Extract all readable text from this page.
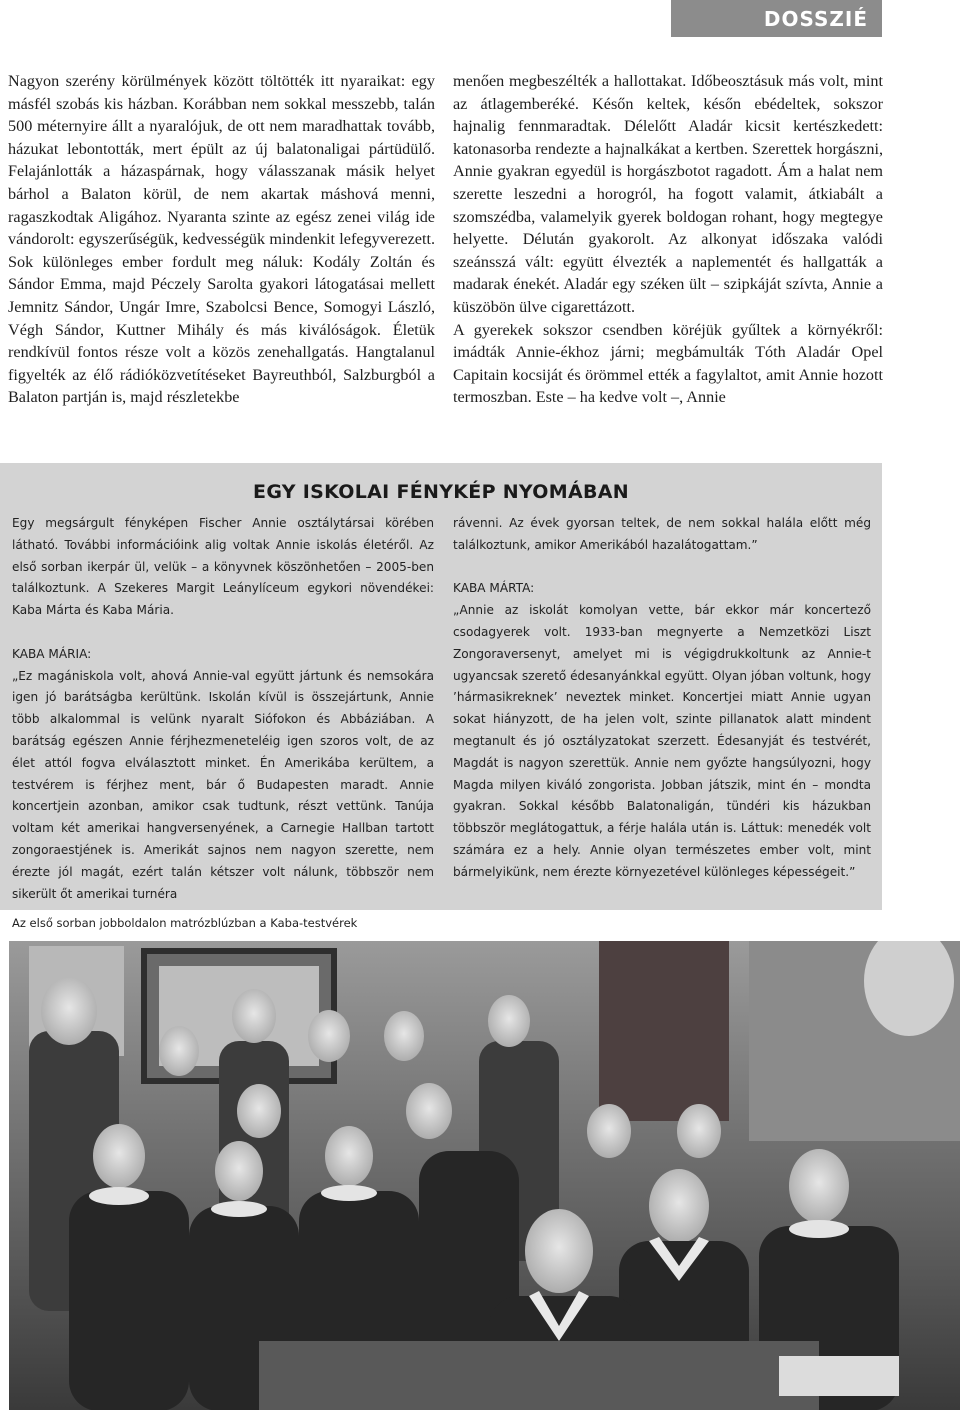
DOSSZIÉ

Nagyon szerény körülmények között töltötték itt nyaraikat: egy másfél szobás kis házban. Korábban nem sokkal messzebb, talán 500 méternyire állt a nyaralójuk, de ott nem maradhattak tovább, házukat lebontották, mert épült az új balatonaligai pártüdülő. Felajánlották a házaspárnak, hogy válasszanak másik helyet bárhol a Balaton körül, de nem akartak máshová menni, ragaszkodtak Aligához. Nyaranta szinte az egész zenei világ ide vándorolt: egyszerűségük, kedvességük mindenkit lefegyverezett. Sok különleges ember fordult meg náluk: Kodály Zoltán és Sándor Emma, majd Péczely Sarolta gyakori látogatásai mellett Jemnitz Sándor, Ungár Imre, Szabolcsi Bence, Somogyi László, Végh Sándor, Kuttner Mihály és más kiválóságok. Életük rendkívül fontos része volt a közös zenehallgatás. Hangtalanul figyelték az élő rádióközvetítéseket Bayreuthból, Salzburgból a Balaton partján is, majd részletekbe

menően megbeszélték a hallottakat. Időbeosztásuk más volt, mint az átlagemberéké. Későn keltek, későn ebédeltek, sokszor hajnalig fennmaradtak. Délelőtt Aladár kicsit kertészkedett: katonasorba rendezte a hajnalkákat a kertben. Szerettek horgászni, Annie gyakran egyedül is horgászbotot ragadott. Ám a halat nem szerette leszedni a horogról, ha fogott valamit, átkiabált a szomszédba, valamelyik gyerek boldogan rohant, hogy megtegye helyette. Délután gyakorolt. Az alkonyat időszaka valódi szeánsszá vált: együtt élvezték a naplementét és hallgatták a madarak énekét. Aladár egy széken ült – szipkáját szívta, Annie a küszöbön ülve cigarettázott.

A gyerekek sokszor csendben köréjük gyűltek a környékről: imádták Annie-ékhoz járni; megbámulták Tóth Aladár Opel Capitain kocsiját és örömmel ették a fagylaltot, amit Annie hozott termoszban. Este – ha kedve volt –, Annie

EGY ISKOLAI FÉNYKÉP NYOMÁBAN

Egy megsárgult fényképen Fischer Annie osztálytársai körében látható. További információink alig voltak Annie iskolás életéről. Az első sorban ikerpár ül, velük – a könyvnek köszönhetően – 2005-ben találkoztunk. A Szekeres Margit Leánylíceum egykori növendékei: Kaba Márta és Kaba Mária.

KABA MÁRIA:

„Ez magániskola volt, ahová Annie-val együtt jártunk és nemsokára igen jó barátságba kerültünk. Iskolán kívül is összejártunk, Annie több alkalommal is velünk nyaralt Siófokon és Abbáziában. A barátság egészen Annie férjhezmeneteléig igen szoros volt, de az élet attól fogva elválasztott minket. Én Amerikába kerültem, a testvérem is férjhez ment, bár ő Budapesten maradt. Annie koncertjein azonban, amikor csak tudtunk, részt vettünk. Tanúja voltam két amerikai hangversenyének, a Carnegie Hallban tartott zongoraestjének is. Amerikát sajnos nem nagyon szerette, nem érezte jól magát, ezért talán kétszer volt nálunk, többször nem sikerült őt amerikai turnéra

rávenni. Az évek gyorsan teltek, de nem sokkal halála előtt még találkoztunk, amikor Amerikából hazalátogattam.”

KABA MÁRTA:

„Annie az iskolát komolyan vette, bár ekkor már koncertező csodagyerek volt. 1933-ban megnyerte a Nemzetközi Liszt Zongoraversenyt, amelyet mi is végigdrukkoltunk az Annie-t ugyancsak szerető édesanyánkkal együtt. Olyan jóban voltunk, hogy ’hármasikreknek’ neveztek minket. Koncertjei miatt Annie ugyan sokat hiányzott, de ha jelen volt, szinte pillanatok alatt mindent megtanult és jó osztályzatokat szerzett. Édesanyját és testvérét, Magdát is nagyon szerettük. Annie nem győzte hangsúlyozni, hogy Magda milyen kiváló zongorista. Jobban játszik, mint én – mondta gyakran. Sokkal később Balatonaligán, tündéri kis házukban többször meglátogattuk, a férje halála után is. Láttuk: menedék volt számára ez a hely. Annie olyan természetes ember volt, mint bármelyikünk, nem érezte környezetével különleges képességeit.”

Az első sorban jobboldalon matrózblúzban a Kaba-testvérek
